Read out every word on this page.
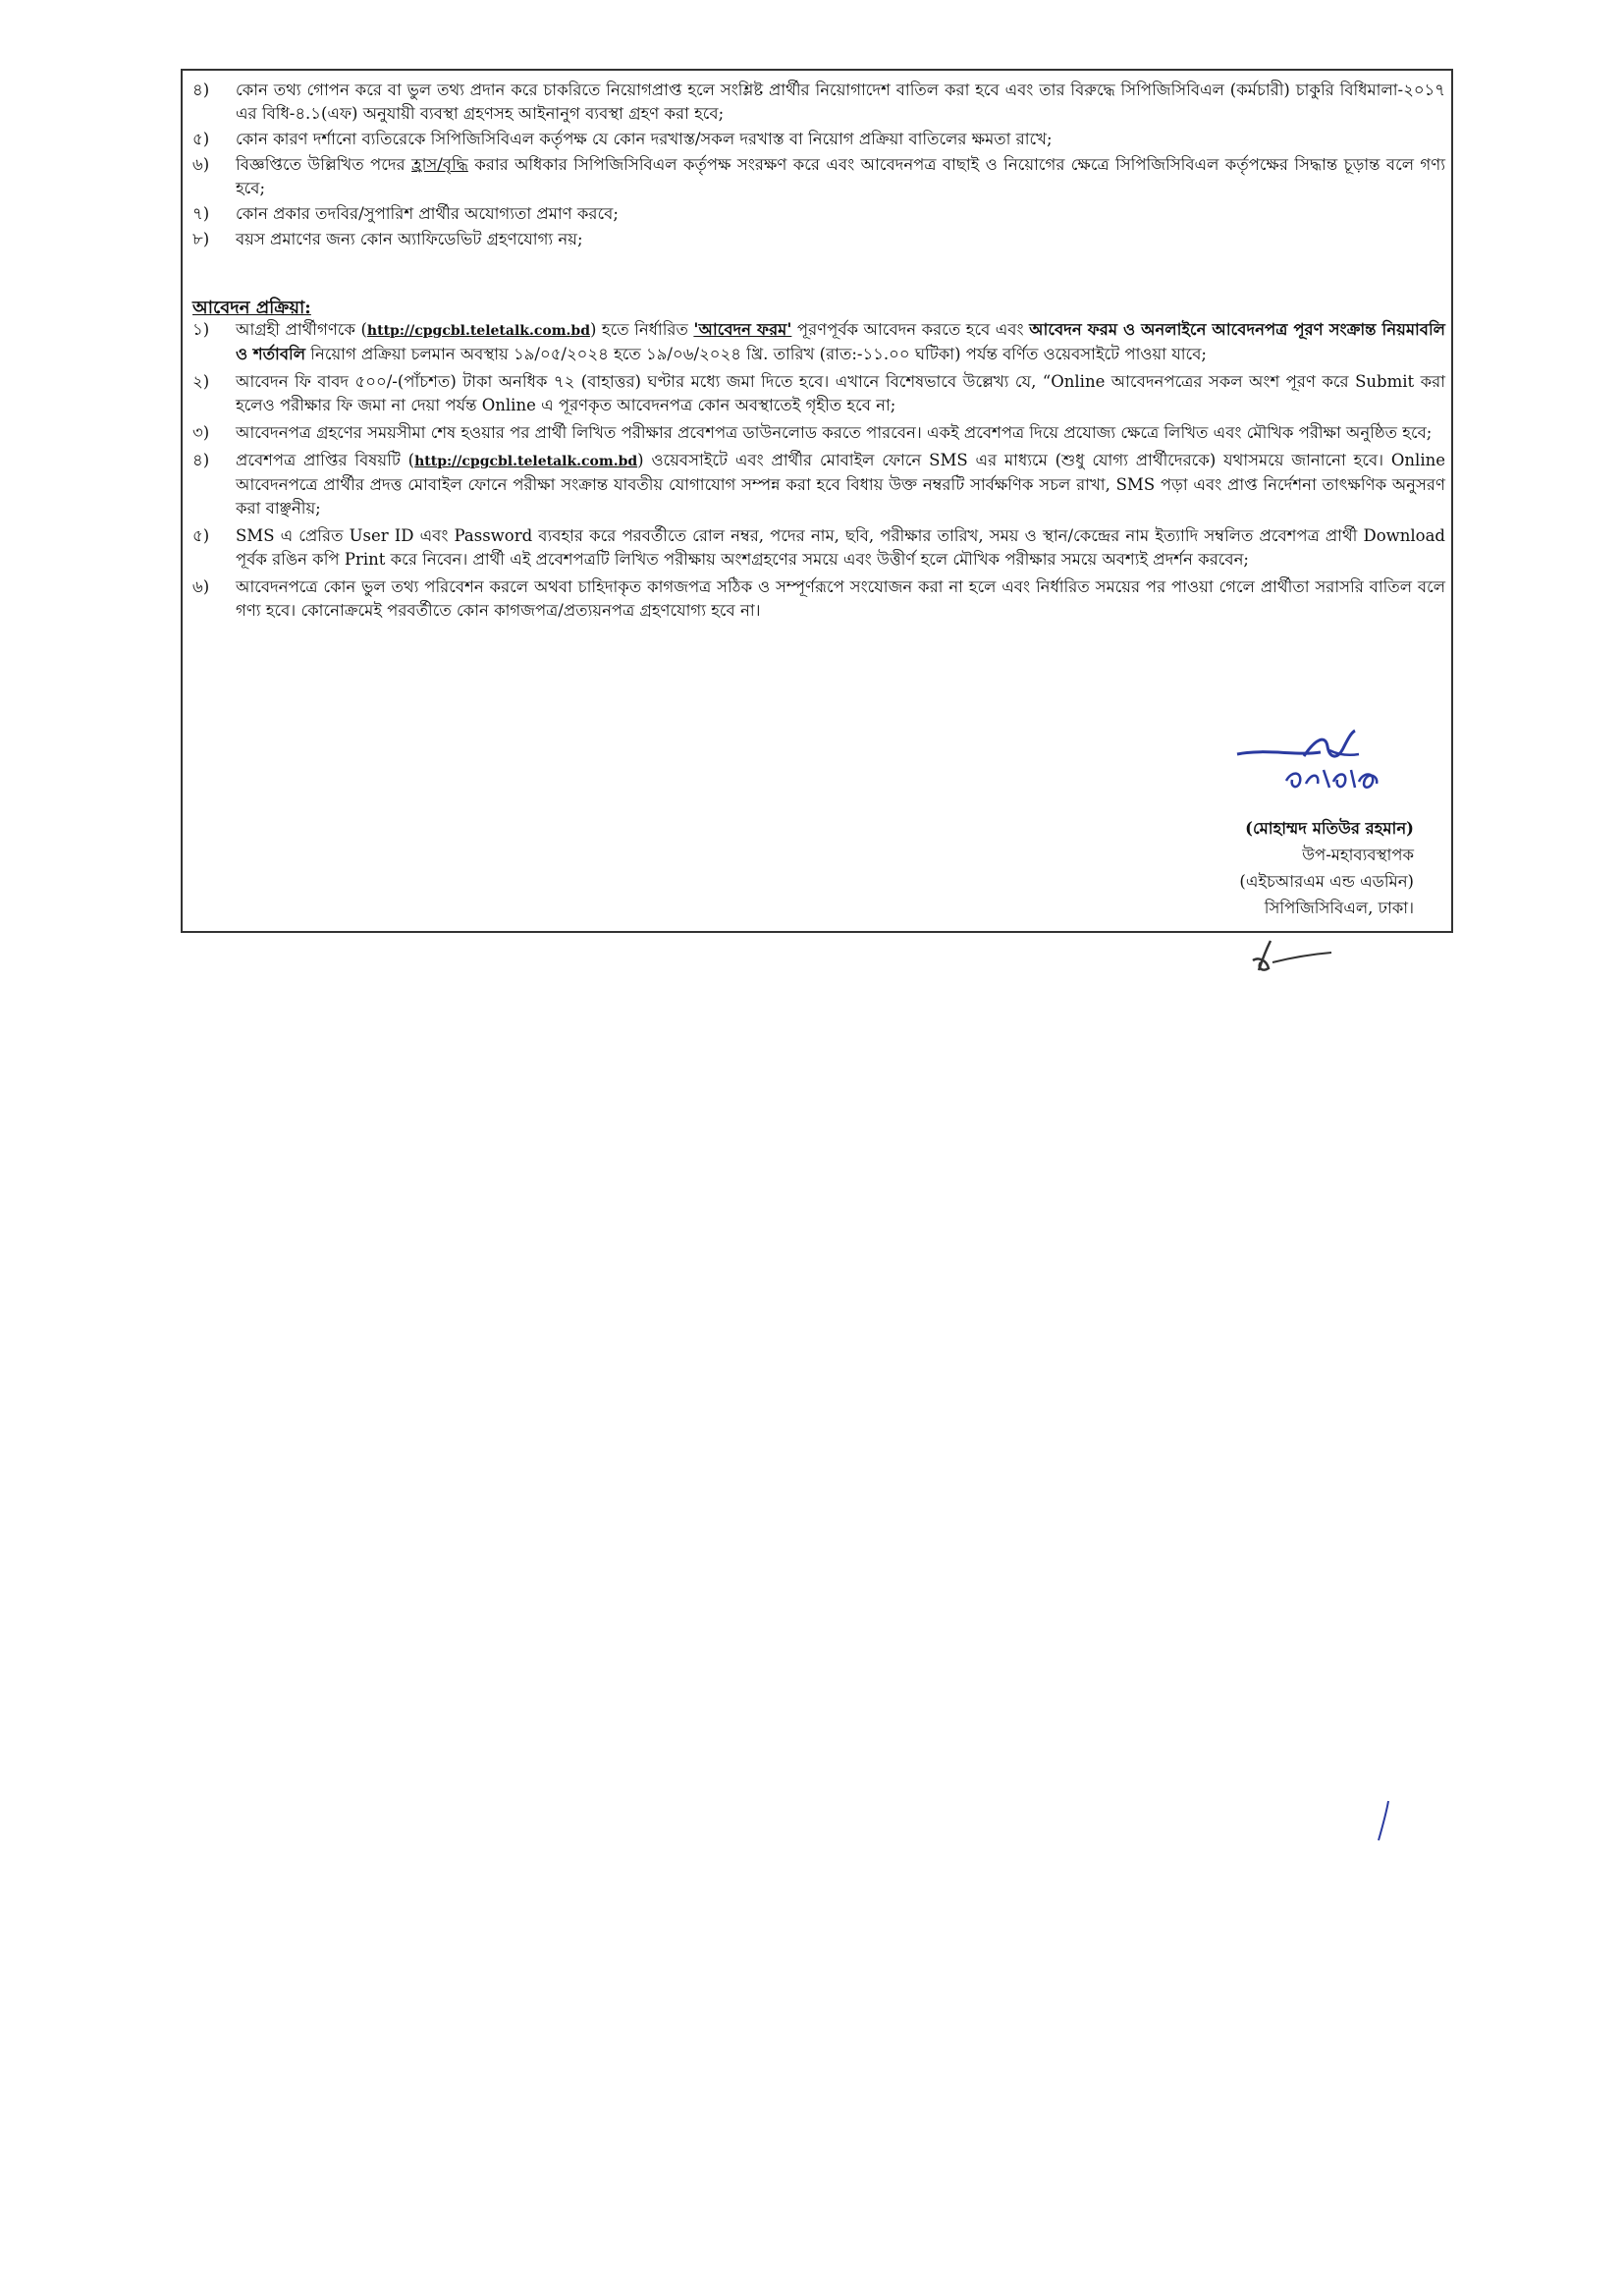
৪)	কোন তথ্য গোপন করে বা ভুল তথ্য প্রদান করে চাকরিতে নিয়োগপ্রাপ্ত হলে সংশ্লিষ্ট প্রার্থীর নিয়োগাদেশ বাতিল করা হবে এবং তার বিরুদ্ধে সিপিজিসিবিএল (কর্মচারী) চাকুরি বিধিমালা-২০১৭ এর বিধি-৪.১(এফ) অনুযায়ী ব্যবস্থা গ্রহণসহ আইনানুগ ব্যবস্থা গ্রহণ করা হবে;
৫)	কোন কারণ দর্শানো ব্যতিরেকে সিপিজিসিবিএল কর্তৃপক্ষ যে কোন দরখাস্ত/সকল দরখাস্ত বা নিয়োগ প্রক্রিয়া বাতিলের ক্ষমতা রাখে;
৬)	বিজ্ঞপ্তিতে উল্লিখিত পদের হ্রাস/বৃদ্ধি করার অধিকার সিপিজিসিবিএল কর্তৃপক্ষ সংরক্ষণ করে এবং আবেদনপত্র বাছাই ও নিয়োগের ক্ষেত্রে সিপিজিসিবিএল কর্তৃপক্ষের সিদ্ধান্ত চূড়ান্ত বলে গণ্য হবে;
৭)	কোন প্রকার তদবির/সুপারিশ প্রার্থীর অযোগ্যতা প্রমাণ করবে;
৮)	বয়স প্রমাণের জন্য কোন অ্যাফিডেভিট গ্রহণযোগ্য নয়;
আবেদন প্রক্রিয়া:
১)	আগ্রহী প্রার্থীগণকে (http://cpgcbl.teletalk.com.bd) হতে নির্ধারিত 'আবেদন ফরম' পূরণপূর্বক আবেদন করতে হবে এবং আবেদন ফরম ও অনলাইনে আবেদনপত্র পূরণ সংক্রান্ত নিয়মাবলি ও শর্তাবলি নিয়োগ প্রক্রিয়া চলমান অবস্থায় ১৯/০৫/২০২৪ হতে ১৯/০৬/২০২৪ খ্রি. তারিখ (রাত:-১১.০০ ঘটিকা) পর্যন্ত বর্ণিত ওয়েবসাইটে পাওয়া যাবে;
২)	আবেদন ফি বাবদ ৫০০/-(পাঁচশত) টাকা অনধিক ৭২ (বাহাত্তর) ঘণ্টার মধ্যে জমা দিতে হবে। এখানে বিশেষভাবে উল্লেখ্য যে, “Online আবেদনপত্রের সকল অংশ পূরণ করে Submit করা হলেও পরীক্ষার ফি জমা না দেয়া পর্যন্ত Online এ পূরণকৃত আবেদনপত্র কোন অবস্থাতেই গৃহীত হবে না;
৩)	আবেদনপত্র গ্রহণের সময়সীমা শেষ হওয়ার পর প্রার্থী লিখিত পরীক্ষার প্রবেশপত্র ডাউনলোড করতে পারবেন। একই প্রবেশপত্র দিয়ে প্রযোজ্য ক্ষেত্রে লিখিত এবং মৌখিক পরীক্ষা অনুষ্ঠিত হবে;
৪)	প্রবেশপত্র প্রাপ্তির বিষয়টি (http://cpgcbl.teletalk.com.bd) ওয়েবসাইটে এবং প্রার্থীর মোবাইল ফোনে SMS এর মাধ্যমে (শুধু যোগ্য প্রার্থীদেরকে) যথাসময়ে জানানো হবে। Online আবেদনপত্রে প্রার্থীর প্রদত্ত মোবাইল ফোনে পরীক্ষা সংক্রান্ত যাবতীয় যোগাযোগ সম্পন্ন করা হবে বিধায় উক্ত নম্বরটি সার্বক্ষণিক সচল রাখা, SMS পড়া এবং প্রাপ্ত নির্দেশনা তাৎক্ষণিক অনুসরণ করা বাঞ্ছনীয়;
৫)	SMS এ প্রেরিত User ID এবং Password ব্যবহার করে পরবর্তীতে রোল নম্বর, পদের নাম, ছবি, পরীক্ষার তারিখ, সময় ও স্থান/কেন্দ্রের নাম ইত্যাদি সম্বলিত প্রবেশপত্র প্রার্থী Download পূর্বক রঙিন কপি Print করে নিবেন। প্রার্থী এই প্রবেশপত্রটি লিখিত পরীক্ষায় অংশগ্রহণের সময়ে এবং উত্তীর্ণ হলে মৌখিক পরীক্ষার সময়ে অবশ্যই প্রদর্শন করবেন;
৬)	আবেদনপত্রে কোন ভুল তথ্য পরিবেশন করলে অথবা চাহিদাকৃত কাগজপত্র সঠিক ও সম্পূর্ণরূপে সংযোজন করা না হলে এবং নির্ধারিত সময়ের পর পাওয়া গেলে প্রার্থীতা সরাসরি বাতিল বলে গণ্য হবে। কোনোক্রমেই পরবর্তীতে কোন কাগজপত্র/প্রত্যয়নপত্র গ্রহণযোগ্য হবে না।
(মোহাম্মদ মতিউর রহমান)
উপ-মহাব্যবস্থাপক
(এইচআরএম এন্ড এডমিন)
সিপিজিসিবিএল, ঢাকা।
